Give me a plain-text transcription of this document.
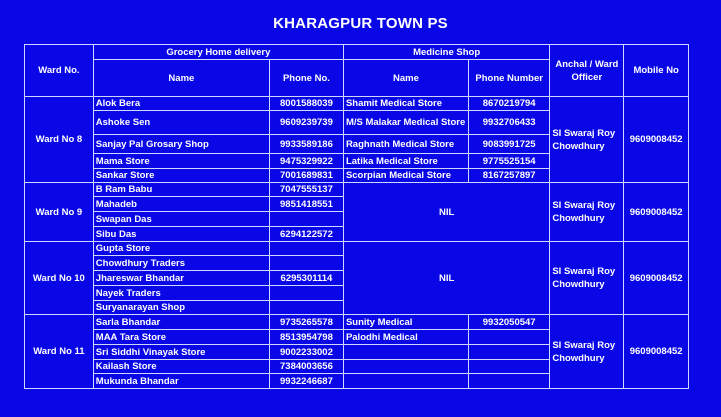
KHARAGPUR TOWN PS
Ward No.	Grocery Home delivery		Medicine Shop		Anchal / Ward Officer	Mobile No
	Name	Phone No.	Name	Phone Number		
Ward No 8	Alok Bera	8001588039	Shamit Medical Store	8670219794	SI Swaraj Roy Chowdhury	9609008452
	Ashoke Sen	9609239739	M/S Malakar Medical Store	9932706433		
	Sanjay Pal Grosary Shop	9933589186	Raghnath Medical Store	9083991725		
	Mama Store	9475329922	Latika Medical Store	9775525154		
	Sankar Store	7001689831	Scorpian Medical Store	8167257897		
Ward No 9	B Ram Babu	7047555137	NIL		SI Swaraj Roy Chowdhury	9609008452
	Mahadeb	9851418551				
	Swapan Das					
	Sibu Das	6294122572				
Ward No 10	Gupta Store		NIL		SI Swaraj Roy Chowdhury	9609008452
	Chowdhury Traders					
	Jhareswar Bhandar	6295301114				
	Nayek Traders					
	Suryanarayan Shop					
Ward No 11	Sarla Bhandar	9735265578	Sunity Medical	9932050547	SI Swaraj Roy Chowdhury	9609008452
	MAA Tara Store	8513954798	Palodhi Medical			
	Sri Siddhi Vinayak Store	9002233002				
	Kailash Store	7384003656				
	Mukunda Bhandar	9932246687				
